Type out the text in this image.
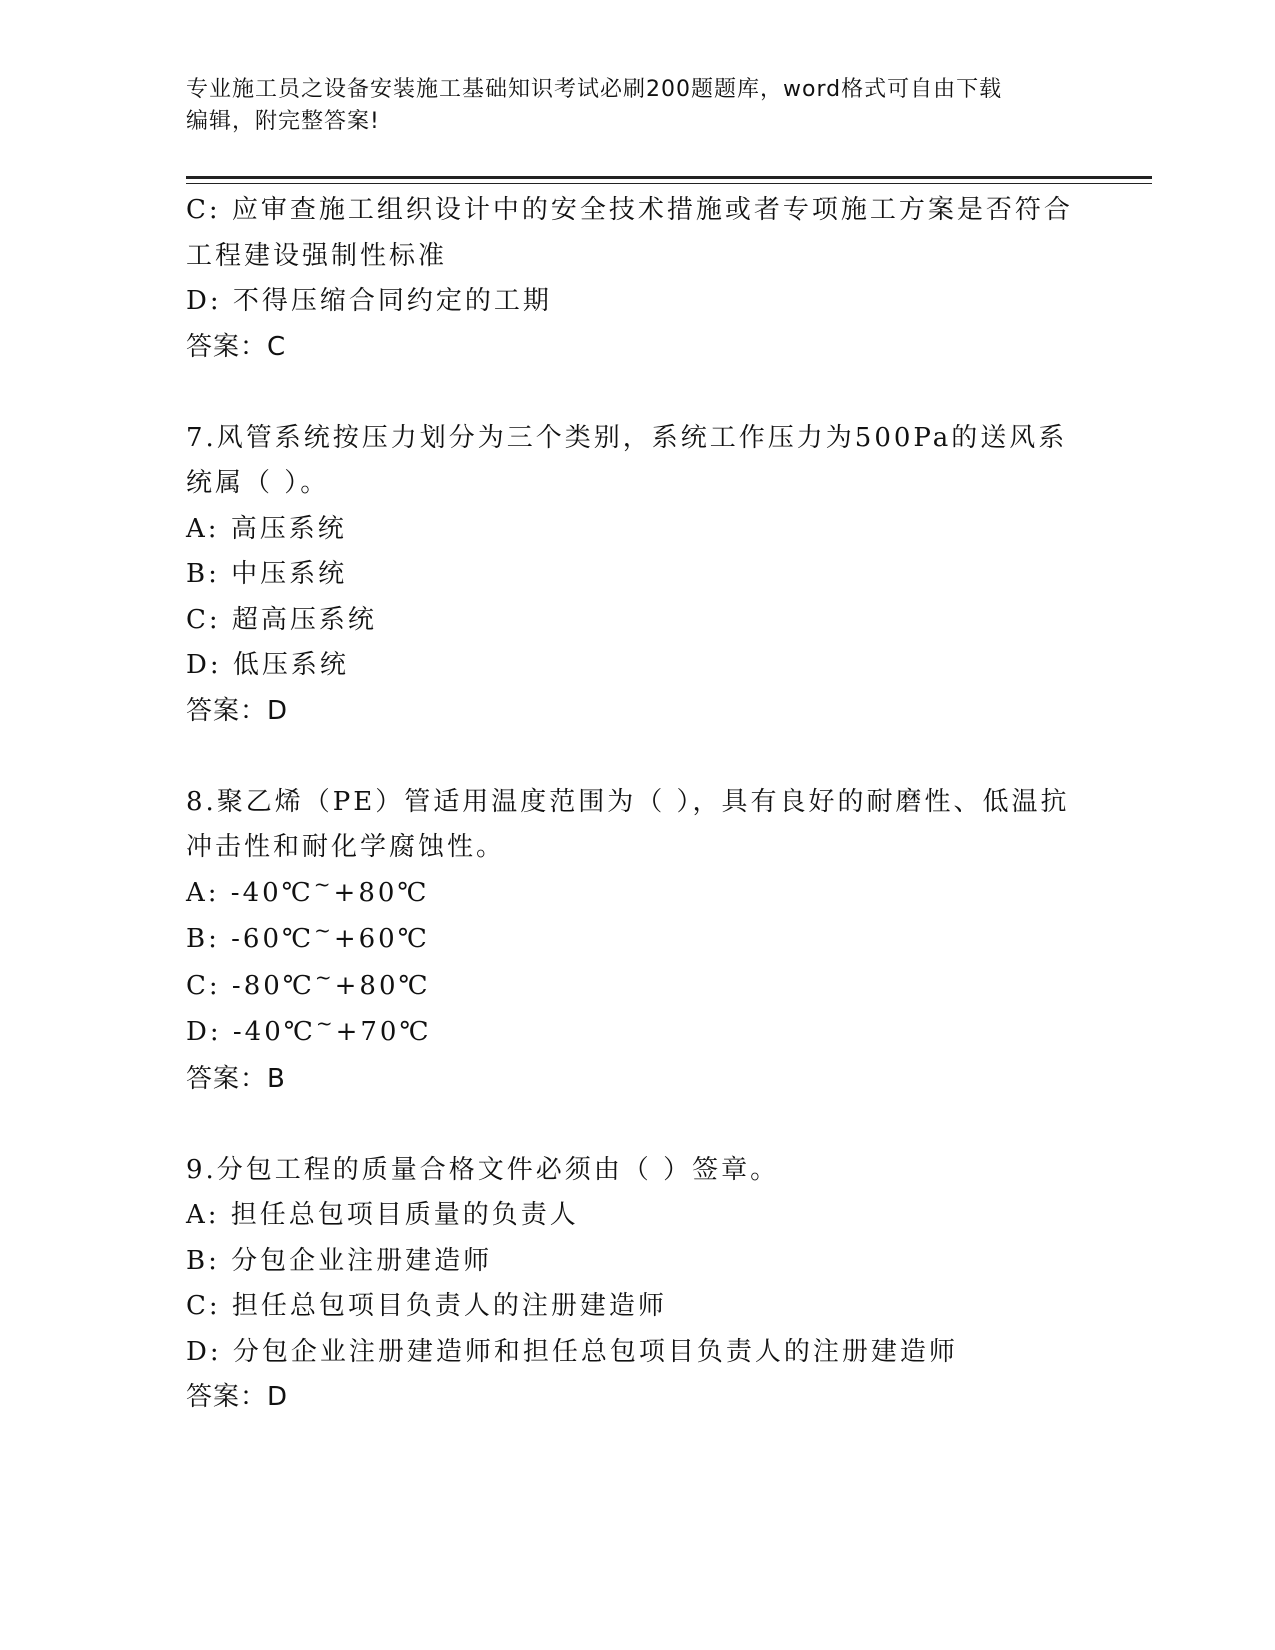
专业施工员之设备安装施工基础知识考试必刷200题题库，word格式可自由下载
编辑，附完整答案!

C: 应审查施工组织设计中的安全技术措施或者专项施工方案是否符合

工程建设强制性标准

D: 不得压缩合同约定的工期

答案：C

7.风管系统按压力划分为三个类别，系统工作压力为500Pa的送风系

统属（ ）。

A: 高压系统

B: 中压系统

C: 超高压系统

D: 低压系统

答案：D

8.聚乙烯（PE）管适用温度范围为（ ），具有良好的耐磨性、低温抗

冲击性和耐化学腐蚀性。

A: -40℃~+80℃

B: -60℃~+60℃

C: -80℃~+80℃

D: -40℃~+70℃

答案：B

9.分包工程的质量合格文件必须由（ ）签章。

A: 担任总包项目质量的负责人

B: 分包企业注册建造师

C: 担任总包项目负责人的注册建造师

D: 分包企业注册建造师和担任总包项目负责人的注册建造师

答案：D
